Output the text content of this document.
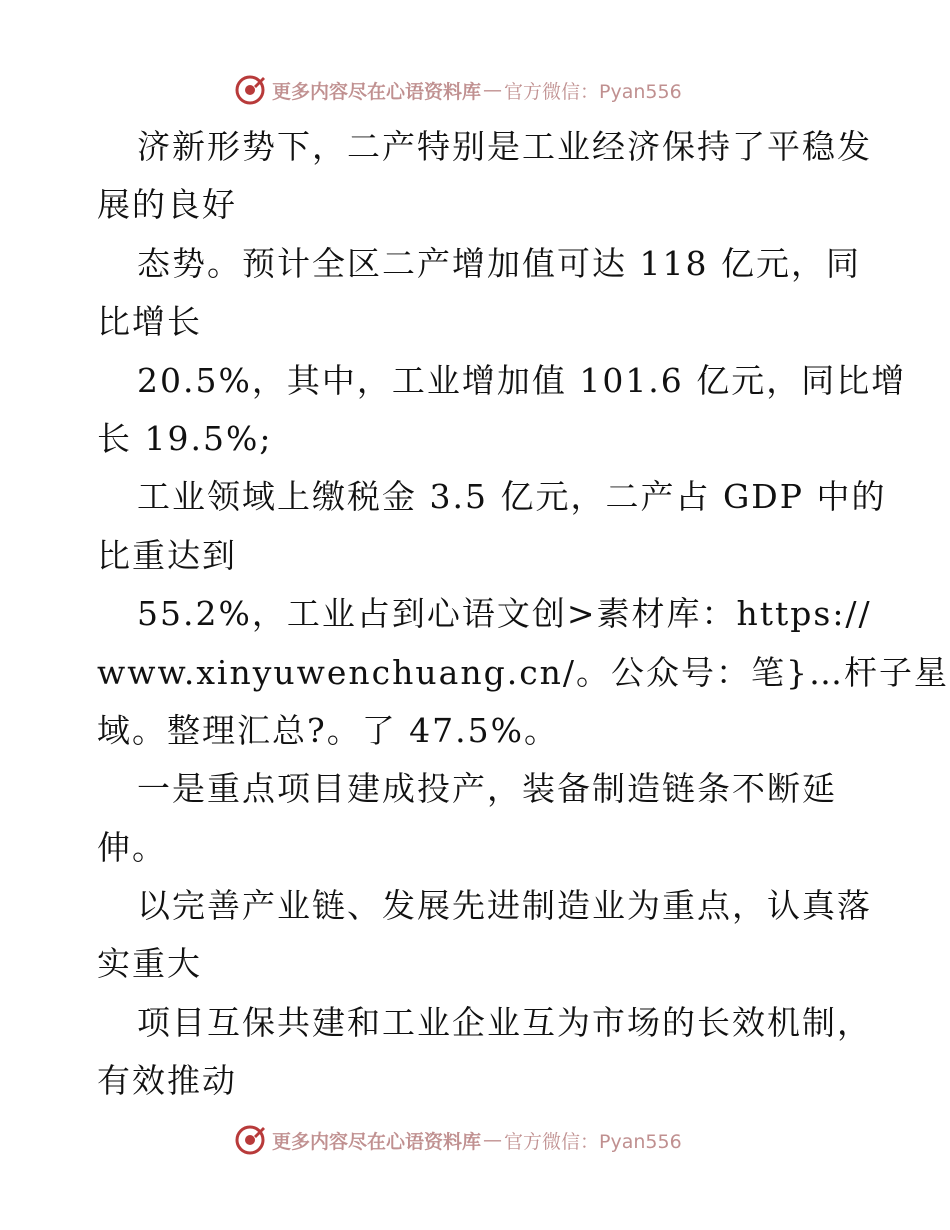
更多内容尽在心语资料库 — 官方微信：Pyan556
济新形势下，二产特别是工业经济保持了平稳发
展的良好
态势。预计全区二产增加值可达 118 亿元，同
比增长
20.5%，其中，工业增加值 101.6 亿元，同比增
长 19.5%;
工业领域上缴税金 3.5 亿元，二产占 GDP 中的
比重达到
55.2%，工业占到心语文创>素材库：https://
www.xinyuwenchuang.cn/。公众号：笔}…杆子星
域。整理汇总?。了 47.5%。
一是重点项目建成投产，装备制造链条不断延
伸。
以完善产业链、发展先进制造业为重点，认真落
实重大
项目互保共建和工业企业互为市场的长效机制，
有效推动
更多内容尽在心语资料库 — 官方微信：Pyan556
